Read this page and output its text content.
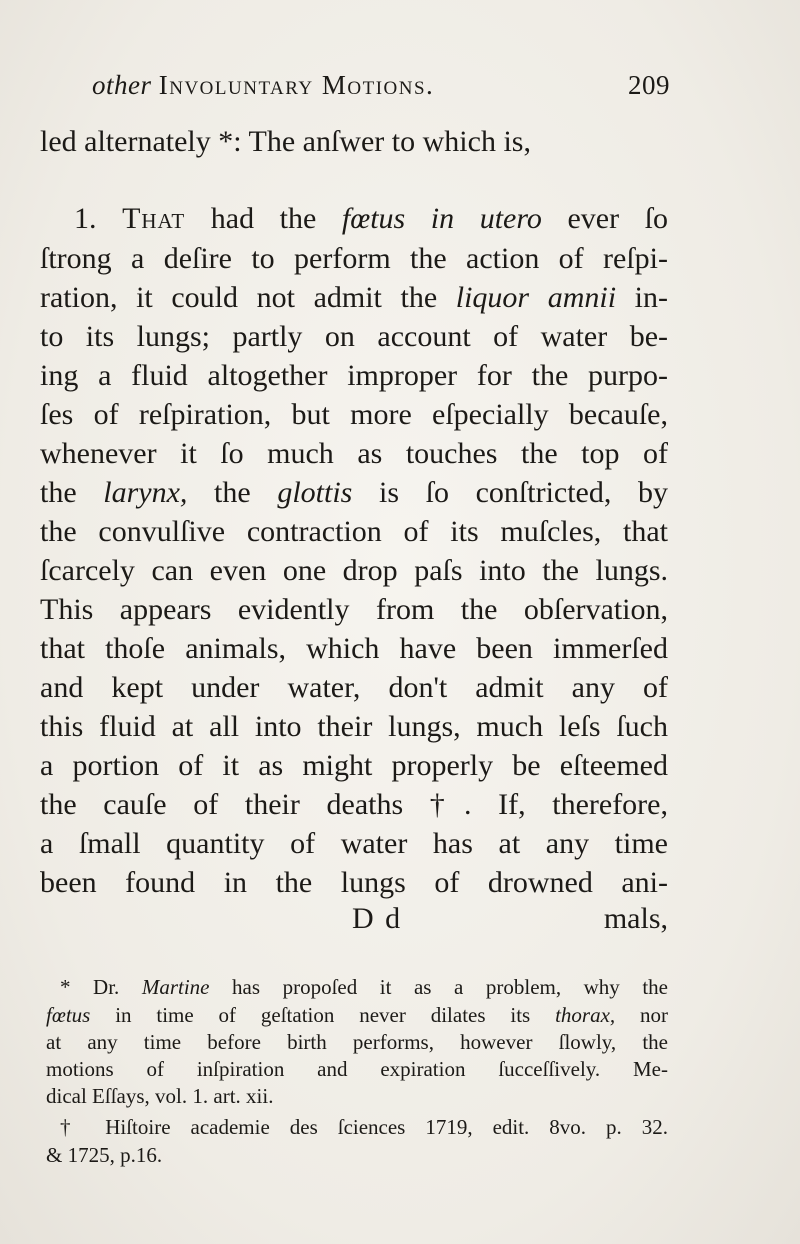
other Involuntary Motions.	209
led alternately *: The anſwer to which is,
1. That had the fœtus in utero ever ſo
ſtrong a deſire to perform the action of reſpi-
ration, it could not admit the liquor amnii in-
to its lungs; partly on account of water be-
ing a fluid altogether improper for the purpo-
ſes of reſpiration, but more eſpecially becauſe,
whenever it ſo much as touches the top of
the larynx, the glottis is ſo conſtricted, by
the convulſive contraction of its muſcles, that
ſcarcely can even one drop paſs into the lungs.
This appears evidently from the obſervation,
that thoſe animals, which have been immerſed
and kept under water, don't admit any of
this fluid at all into their lungs, much leſs ſuch
a portion of it as might properly be eſteemed
the cauſe of their deaths †. If, therefore,
a ſmall quantity of water has at any time
been found in the lungs of drowned ani-
D d	mals,
* Dr. Martine has propoſed it as a problem, why the
fœtus in time of geſtation never dilates its thorax, nor
at any time before birth performs, however ſlowly, the
motions of inſpiration and expiration ſucceſſively. Me-
dical Eſſays, vol. 1. art. xii.
† Hiſtoire academie des ſciences 1719, edit. 8vo. p. 32.
& 1725, p.16.
